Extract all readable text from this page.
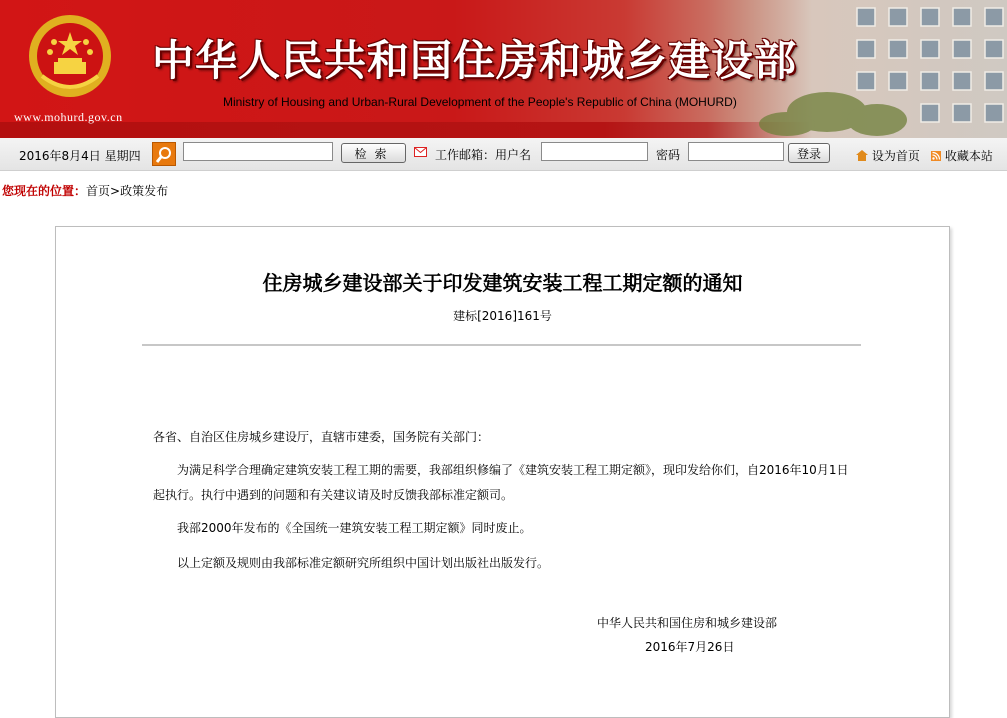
www.mohurd.gov.cn
中华人民共和国住房和城乡建设部
Ministry of Housing and Urban-Rural Development of the People's Republic of China (MOHURD)
2016年8月4日 星期四	检索	工作邮箱：用户名	密码	登录	设为首页	收藏本站
您现在的位置：首页>政策发布
住房城乡建设部关于印发建筑安装工程工期定额的通知
建标[2016]161号
各省、自治区住房城乡建设厅，直辖市建委，国务院有关部门：
为满足科学合理确定建筑安装工程工期的需要，我部组织修编了《建筑安装工程工期定额》，现印发给你们，自2016年10月1日
起执行。执行中遇到的问题和有关建议请及时反馈我部标准定额司。
我部2000年发布的《全国统一建筑安装工程工期定额》同时废止。
以上定额及规则由我部标准定额研究所组织中国计划出版社出版发行。
中华人民共和国住房和城乡建设部
2016年7月26日
